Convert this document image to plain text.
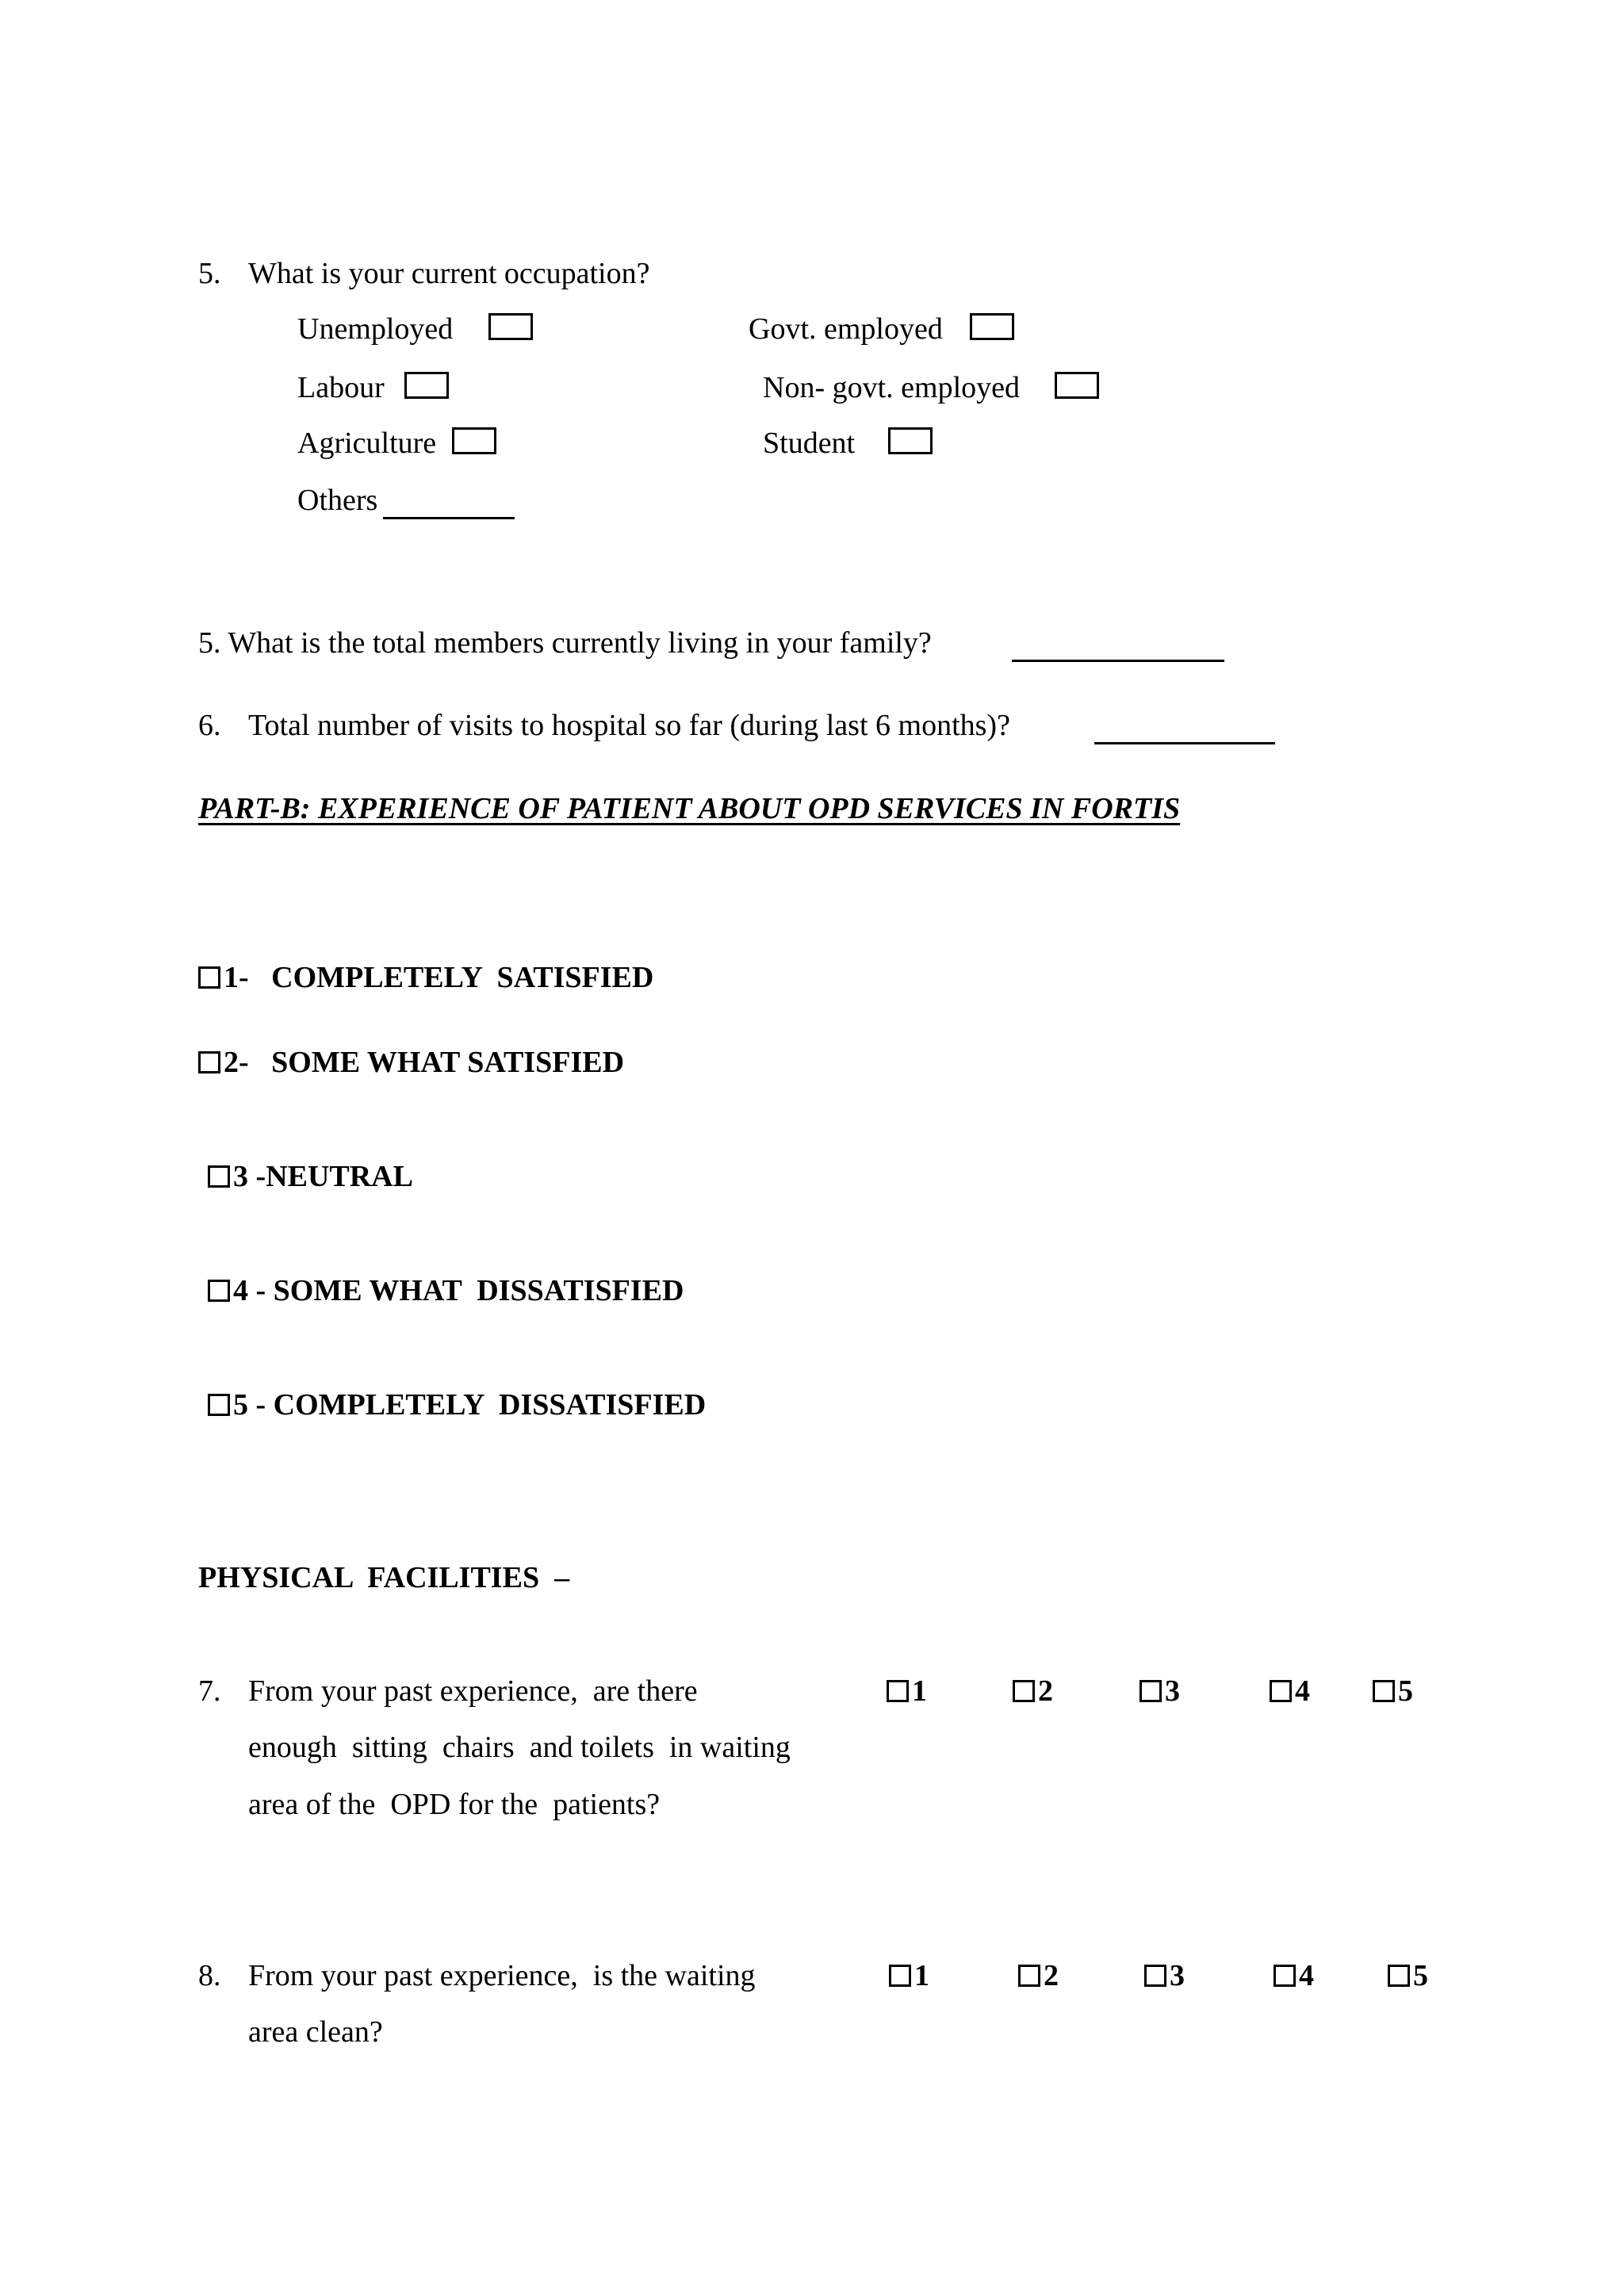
5. What is your current occupation?
Unemployed	Govt. employed
Labour	Non- govt. employed
Agriculture	Student
Others
5. What is the total members currently living in your family?
6. Total number of visits to hospital so far (during last 6 months)?
PART-B: EXPERIENCE OF PATIENT ABOUT OPD SERVICES IN FORTIS
1-   COMPLETELY  SATISFIED
2-   SOME WHAT SATISFIED
3 -NEUTRAL
4 - SOME WHAT  DISSATISFIED
5 - COMPLETELY  DISSATISFIED
PHYSICAL  FACILITIES  –
7. From your past experience,  are there
enough  sitting  chairs  and toilets  in waiting
area of the  OPD for the  patients?
1	2	3	4	5
8. From your past experience,  is the waiting
area clean?
1	2	3	4	5
